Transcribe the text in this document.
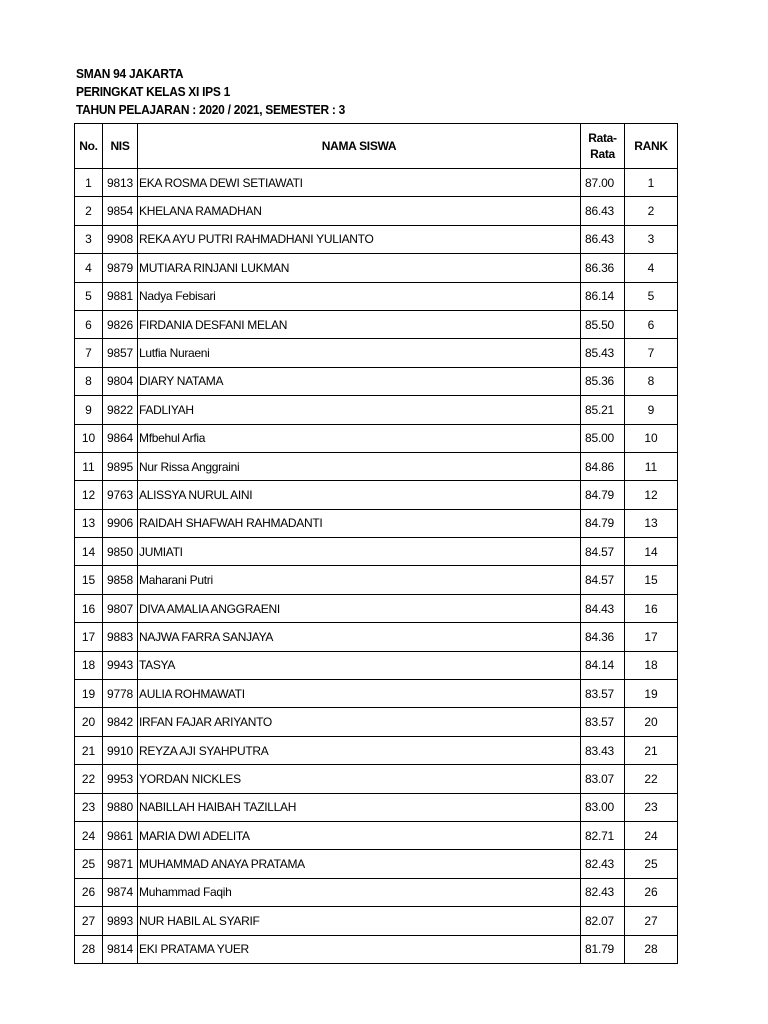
SMAN 94 JAKARTA
PERINGKAT KELAS XI IPS 1
TAHUN PELAJARAN : 2020 / 2021, SEMESTER : 3
No.	NIS	NAMA SISWA	Rata-
Rata	RANK
1	9813	EKA ROSMA DEWI SETIAWATI	87.00	1
2	9854	KHELANA RAMADHAN	86.43	2
3	9908	REKA AYU PUTRI RAHMADHANI YULIANTO	86.43	3
4	9879	MUTIARA RINJANI LUKMAN	86.36	4
5	9881	Nadya Febisari	86.14	5
6	9826	FIRDANIA DESFANI MELAN	85.50	6
7	9857	Lutfia Nuraeni	85.43	7
8	9804	DIARY NATAMA	85.36	8
9	9822	FADLIYAH	85.21	9
10	9864	Mfbehul Arfia	85.00	10
11	9895	Nur Rissa Anggraini	84.86	11
12	9763	ALISSYA NURUL AINI	84.79	12
13	9906	RAIDAH SHAFWAH RAHMADANTI	84.79	13
14	9850	JUMIATI	84.57	14
15	9858	Maharani Putri	84.57	15
16	9807	DIVA AMALIA ANGGRAENI	84.43	16
17	9883	NAJWA FARRA SANJAYA	84.36	17
18	9943	TASYA	84.14	18
19	9778	AULIA ROHMAWATI	83.57	19
20	9842	IRFAN FAJAR ARIYANTO	83.57	20
21	9910	REYZA AJI SYAHPUTRA	83.43	21
22	9953	YORDAN NICKLES	83.07	22
23	9880	NABILLAH HAIBAH TAZILLAH	83.00	23
24	9861	MARIA DWI ADELITA	82.71	24
25	9871	MUHAMMAD ANAYA PRATAMA	82.43	25
26	9874	Muhammad Faqih	82.43	26
27	9893	NUR HABIL AL SYARIF	82.07	27
28	9814	EKI PRATAMA YUER	81.79	28
